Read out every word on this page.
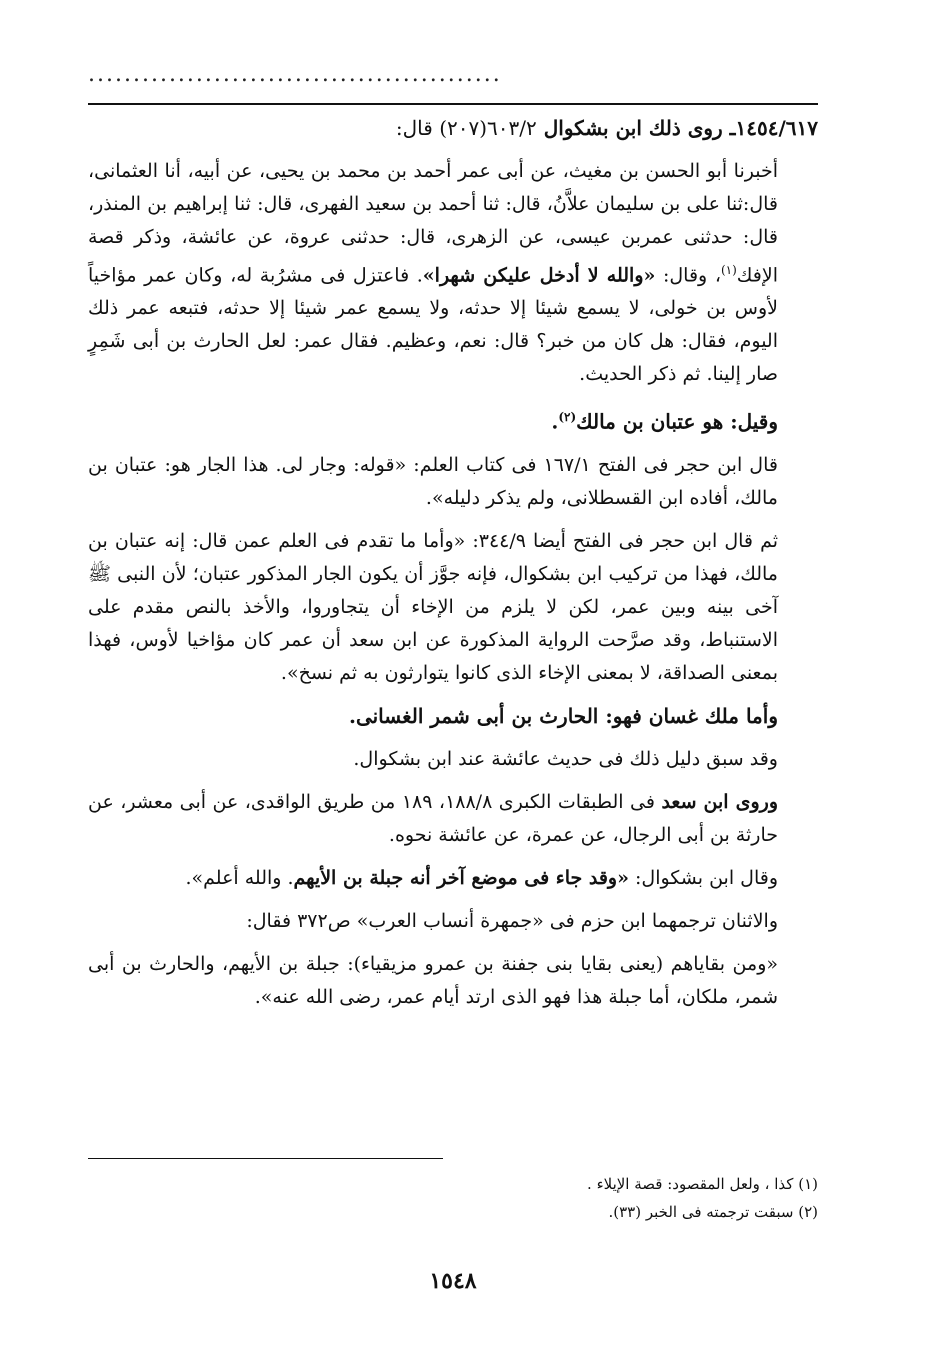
..............................................

١٤٥٤/٦١٧ـ روى ذلك ابن بشكوال ٦٠٣/٢(٢٠٧) قال:

أخبرنا أبو الحسن بن مغيث، عن أبى عمر أحمد بن محمد بن يحيى، عن أبيه، أنا العثمانى، قال:ثنا على بن سليمان علاَّنُ، قال: ثنا أحمد بن سعيد الفهرى، قال: ثنا إبراهيم بن المنذر، قال: حدثنى عمربن عيسى، عن الزهرى، قال: حدثنى عروة، عن عائشة، وذكر قصة الإفك$^{(١)}$، وقال: «والله لا أدخل عليكن شهرا». فاعتزل فى مشرُبة له، وكان عمر مؤاخياً لأوس بن خولى، لا يسمع شيئا إلا حدثه، ولا يسمع عمر شيئا إلا حدثه، فتبعه عمر ذلك اليوم، فقال: هل كان من خبر؟ قال: نعم، وعظيم. فقال عمر: لعل الحارث بن أبى شَمِرٍ صار إلينا. ثم ذكر الحديث.

وقيل: هو عتبان بن مالك$^{(٢)}$.

قال ابن حجر فى الفتح ١٦٧/١ فى كتاب العلم: «قوله: وجار لى. هذا الجار هو: عتبان بن مالك، أفاده ابن القسطلانى، ولم يذكر دليله».

ثم قال ابن حجر فى الفتح أيضا ٣٤٤/٩: «وأما ما تقدم فى العلم عمن قال: إنه عتبان بن مالك، فهذا من تركيب ابن بشكوال، فإنه جوَّز أن يكون الجار المذكور عتبان؛ لأن النبى ﷺ آخى بينه وبين عمر، لكن لا يلزم من الإخاء أن يتجاوروا، والأخذ بالنص مقدم على الاستنباط، وقد صرَّحت الرواية المذكورة عن ابن سعد أن عمر كان مؤاخيا لأوس، فهذا بمعنى الصداقة، لا بمعنى الإخاء الذى كانوا يتوارثون به ثم نسخ».

وأما ملك غسان فهو: الحارث بن أبى شمر الغسانى.

وقد سبق دليل ذلك فى حديث عائشة عند ابن بشكوال.

وروى ابن سعد فى الطبقات الكبرى ١٨٨/٨، ١٨٩ من طريق الواقدى، عن أبى معشر، عن حارثة بن أبى الرجال، عن عمرة، عن عائشة نحوه.

وقال ابن بشكوال: «وقد جاء فى موضع آخر أنه جبلة بن الأيهم. والله أعلم».

والاثنان ترجمهما ابن حزم فى «جمهرة أنساب العرب» ص٣٧٢ فقال:

«ومن بقاياهم (يعنى بقايا بنى جفنة بن عمرو مزيقياء): جبلة بن الأيهم، والحارث بن أبى شمر، ملكان، أما جبلة هذا فهو الذى ارتد أيام عمر، رضى الله عنه».

(١) كذا ، ولعل المقصود: قصة الإيلاء .
(٢) سبقت ترجمته فى الخبر (٣٣).
١٥٤٨
